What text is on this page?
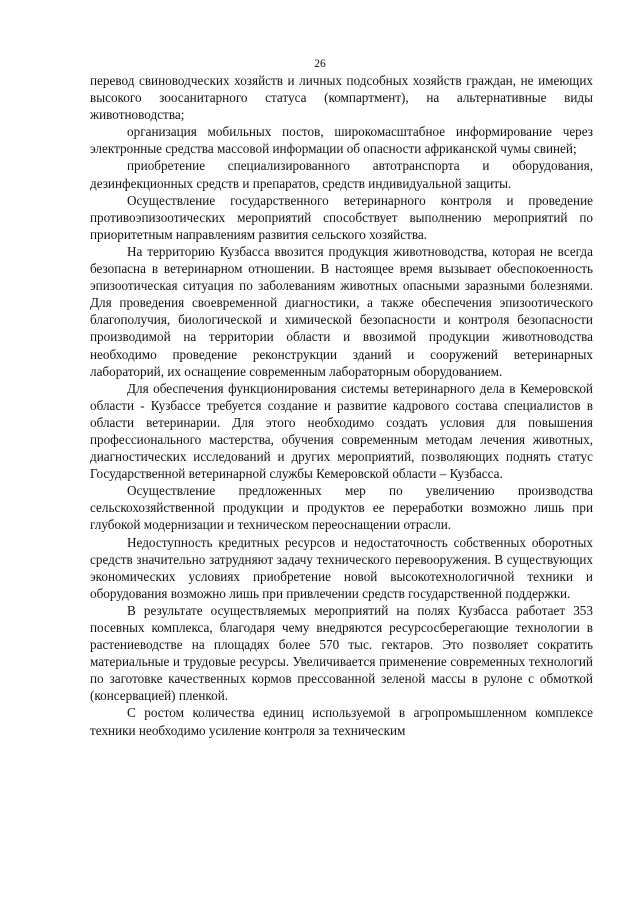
26

перевод свиноводческих хозяйств и личных подсобных хозяйств граждан, не имеющих высокого зоосанитарного статуса (компартмент), на альтернативные виды животноводства;

организация мобильных постов, широкомасштабное информирование через электронные средства массовой информации об опасности африканской чумы свиней;

приобретение специализированного автотранспорта и оборудования, дезинфекционных средств и препаратов, средств индивидуальной защиты.

Осуществление государственного ветеринарного контроля и проведение противоэпизоотических мероприятий способствует выполнению мероприятий по приоритетным направлениям развития сельского хозяйства.

На территорию Кузбасса ввозится продукция животноводства, которая не всегда безопасна в ветеринарном отношении. В настоящее время вызывает обеспокоенность эпизоотическая ситуация по заболеваниям животных опасными заразными болезнями. Для проведения своевременной диагностики, а также обеспечения эпизоотического благополучия, биологической и химической безопасности и контроля безопасности производимой на территории области и ввозимой продукции животноводства необходимо проведение реконструкции зданий и сооружений ветеринарных лабораторий, их оснащение современным лабораторным оборудованием.

Для обеспечения функционирования системы ветеринарного дела в Кемеровской области - Кузбассе требуется создание и развитие кадрового состава специалистов в области ветеринарии. Для этого необходимо создать условия для повышения профессионального мастерства, обучения современным методам лечения животных, диагностических исследований и других мероприятий, позволяющих поднять статус Государственной ветеринарной службы Кемеровской области – Кузбасса.

Осуществление предложенных мер по увеличению производства сельскохозяйственной продукции и продуктов ее переработки возможно лишь при глубокой модернизации и техническом переоснащении отрасли.

Недоступность кредитных ресурсов и недостаточность собственных оборотных средств значительно затрудняют задачу технического перевооружения. В существующих экономических условиях приобретение новой высокотехнологичной техники и оборудования возможно лишь при привлечении средств государственной поддержки.

В результате осуществляемых мероприятий на полях Кузбасса работает 353 посевных комплекса, благодаря чему внедряются ресурсосберегающие технологии в растениеводстве на площадях более 570 тыс. гектаров. Это позволяет сократить материальные и трудовые ресурсы. Увеличивается применение современных технологий по заготовке качественных кормов прессованной зеленой массы в рулоне с обмоткой (консервацией) пленкой.

С ростом количества единиц используемой в агропромышленном комплексе техники необходимо усиление контроля за техническим
